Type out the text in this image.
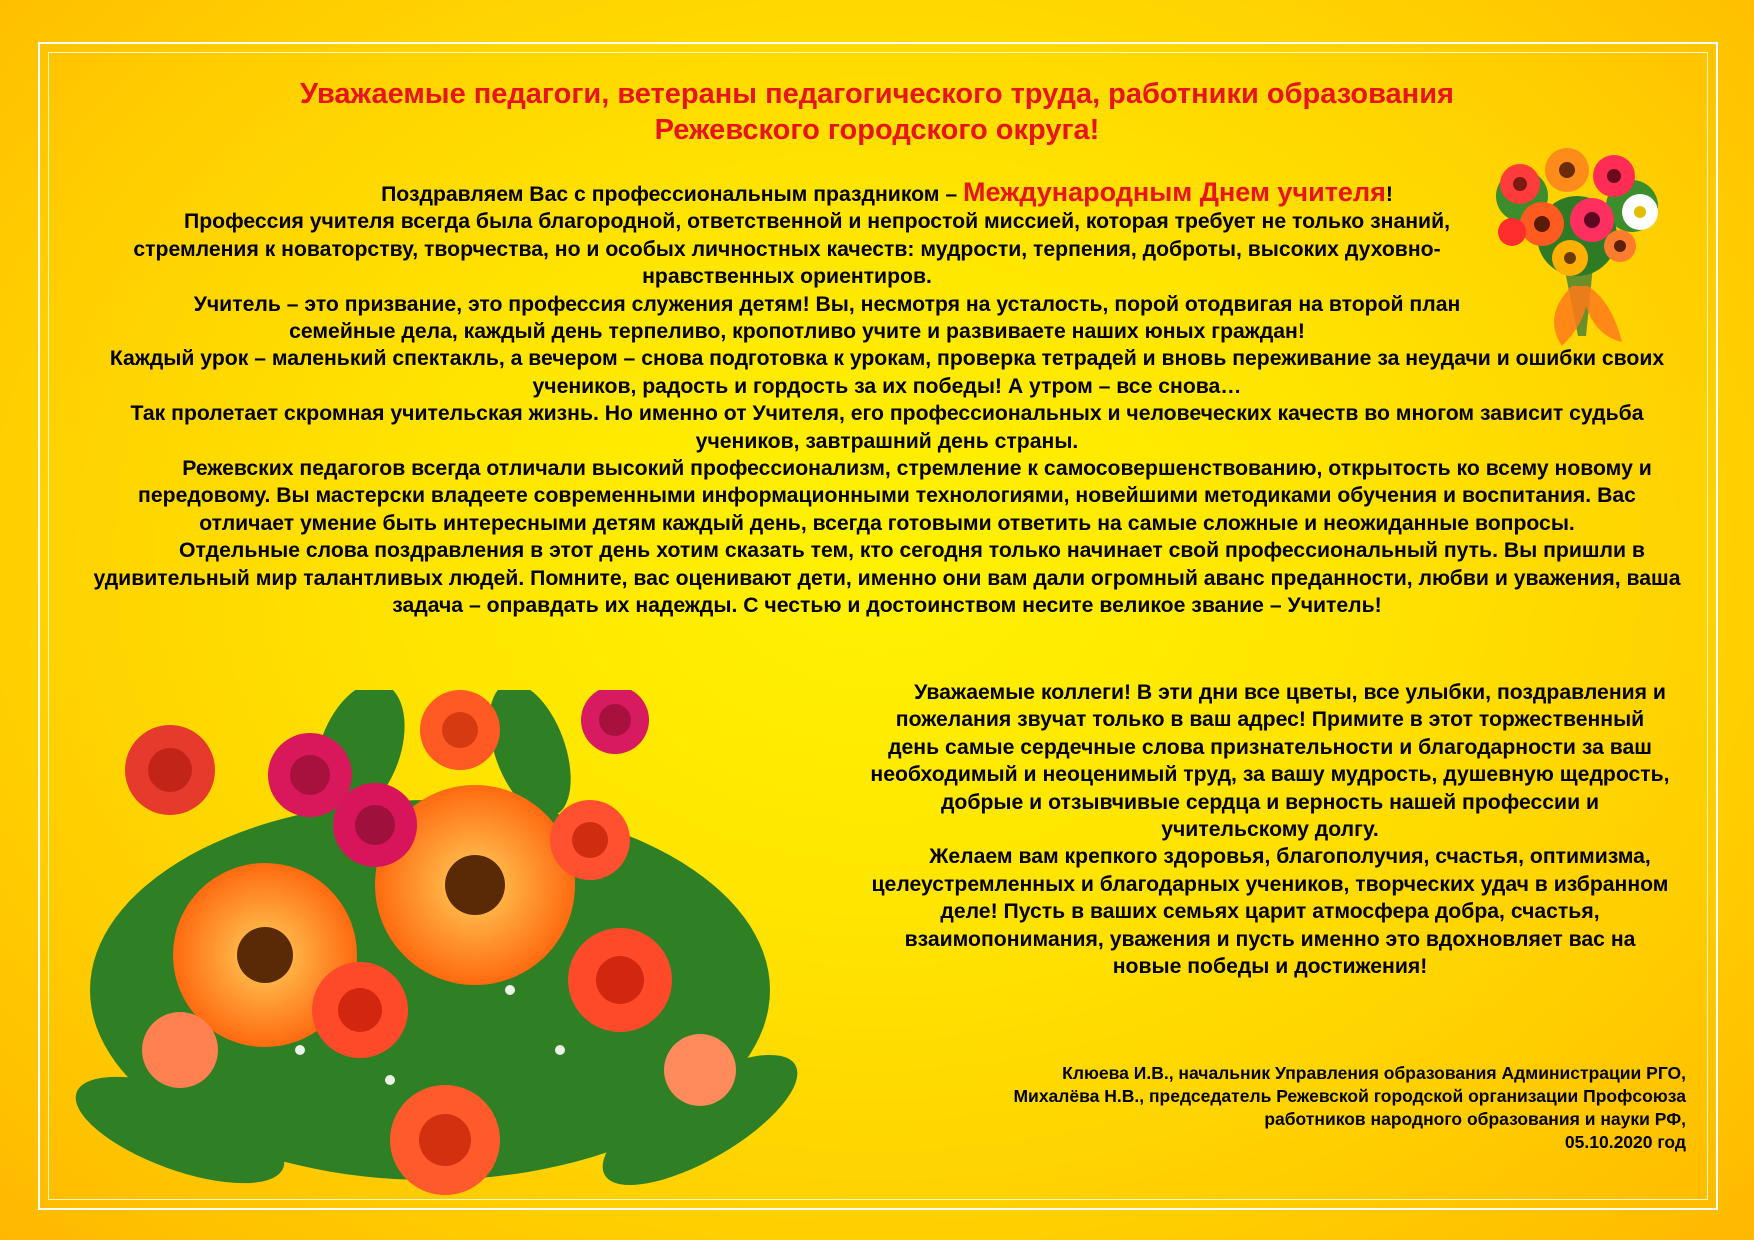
Уважаемые педагоги, ветераны педагогического труда, работники образования
Режевского городского округа!

Поздравляем Вас с профессиональным праздником – Международным Днем учителя!

Профессия учителя всегда была благородной, ответственной и непростой миссией, которая требует не только знаний, стремления к новаторству, творчества, но и особых личностных качеств: мудрости, терпения, доброты, высоких духовно-нравственных ориентиров.

Учитель – это призвание, это профессия служения детям! Вы, несмотря на усталость, порой отодвигая на второй план семейные дела, каждый день терпеливо, кропотливо учите и развиваете наших юных граждан!

Каждый урок – маленький спектакль, а вечером – снова подготовка к урокам, проверка тетрадей и вновь переживание за неудачи и ошибки своих учеников, радость и гордость за их победы! А утром – все снова…

Так пролетает скромная учительская жизнь. Но именно от Учителя, его профессиональных и человеческих качеств во многом зависит судьба учеников, завтрашний день страны.

Режевских педагогов всегда отличали высокий профессионализм, стремление к самосовершенствованию, открытость ко всему новому и передовому. Вы мастерски владеете современными информационными технологиями, новейшими методиками обучения и воспитания. Вас отличает умение быть интересными детям каждый день, всегда готовыми ответить на самые сложные и неожиданные вопросы.

Отдельные слова поздравления в этот день хотим сказать тем, кто сегодня только начинает свой профессиональный путь. Вы пришли в удивительный мир талантливых людей. Помните, вас оценивают дети, именно они вам дали огромный аванс преданности, любви и уважения, ваша задача – оправдать их надежды. С честью и достоинством несите великое звание – Учитель!

Уважаемые коллеги! В эти дни все цветы, все улыбки, поздравления и пожелания звучат только в ваш адрес! Примите в этот торжественный день самые сердечные слова признательности и благодарности за ваш необходимый и неоценимый труд, за вашу мудрость, душевную щедрость, добрые и отзывчивые сердца и верность нашей профессии и учительскому долгу.

Желаем вам крепкого здоровья, благополучия, счастья, оптимизма, целеустремленных и благодарных учеников, творческих удач в избранном деле! Пусть в ваших семьях царит атмосфера добра, счастья, взаимопонимания, уважения и пусть именно это вдохновляет вас на новые победы и достижения!

Клюева И.В., начальник Управления образования Администрации РГО,
Михалёва Н.В., председатель Режевской городской организации Профсоюза
работников народного образования и науки РФ,
05.10.2020 год
